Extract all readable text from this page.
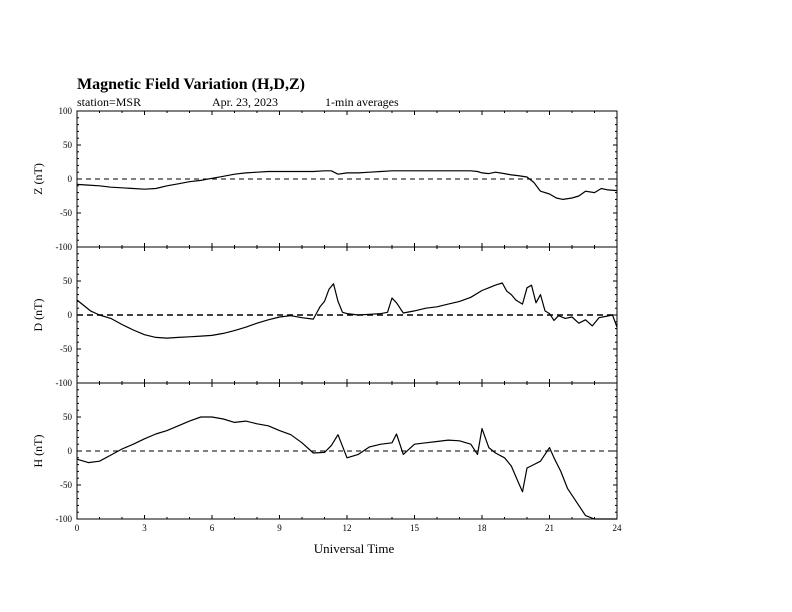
Magnetic Field Variation (H,D,Z)
station=MSR	Apr. 23, 2023	1-min averages
Universal Time
100
50
0
-50
-100
Z (nT)
50
0
-50
-100
D (nT)
50
0
-50
-100
H (nT)
0	3	6	9	12	15	18	21	24
